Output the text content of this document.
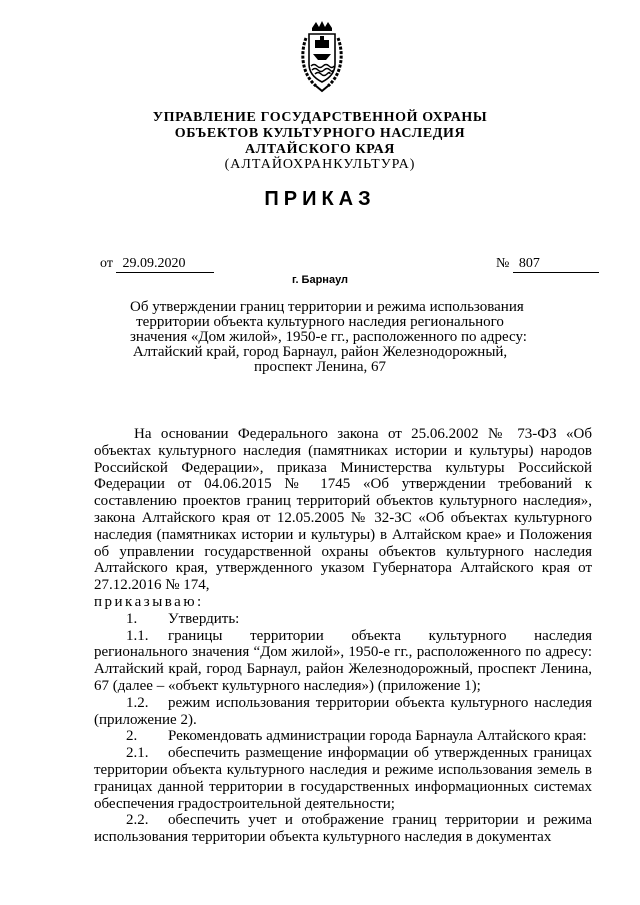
УПРАВЛЕНИЕ ГОСУДАРСТВЕННОЙ ОХРАНЫ
ОБЪЕКТОВ КУЛЬТУРНОГО НАСЛЕДИЯ
АЛТАЙСКОГО КРАЯ
(АЛТАЙОХРАНКУЛЬТУРА)
ПРИКАЗ
от 29.09.2020	№ 807
г. Барнаул
Об утверждении границ территории и режима использования
территории объекта культурного наследия регионального
значения «Дом жилой», 1950-е гг., расположенного по адресу:
Алтайский край, город Барнаул, район Железнодорожный,
проспект Ленина, 67

На основании Федерального закона от 25.06.2002 № 73-ФЗ «Об объектах культурного наследия (памятниках истории и культуры) народов Российской Федерации», приказа Министерства культуры Российской Федерации от 04.06.2015 № 1745 «Об утверждении требований к составлению проектов границ территорий объектов культурного наследия», закона Алтайского края от 12.05.2005 № 32-ЗС «Об объектах культурного наследия (памятниках истории и культуры) в Алтайском крае» и Положения об управлении государственной охраны объектов культурного наследия Алтайского края, утвержденного указом Губернатора Алтайского края от 27.12.2016 № 174,

приказываю:

1. Утвердить:

1.1. границы территории объекта культурного наследия регионального значения “Дом жилой», 1950-е гг., расположенного по адресу: Алтайский край, город Барнаул, район Железнодорожный, проспект Ленина, 67 (далее – «объект культурного наследия») (приложение 1);

1.2. режим использования территории объекта культурного наследия (приложение 2).

2. Рекомендовать администрации города Барнаула Алтайского края:

2.1. обеспечить размещение информации об утвержденных границах территории объекта культурного наследия и режиме использования земель в границах данной территории в государственных информационных системах обеспечения градостроительной деятельности;

2.2. обеспечить учет и отображение границ территории и режима использования территории объекта культурного наследия в документах
